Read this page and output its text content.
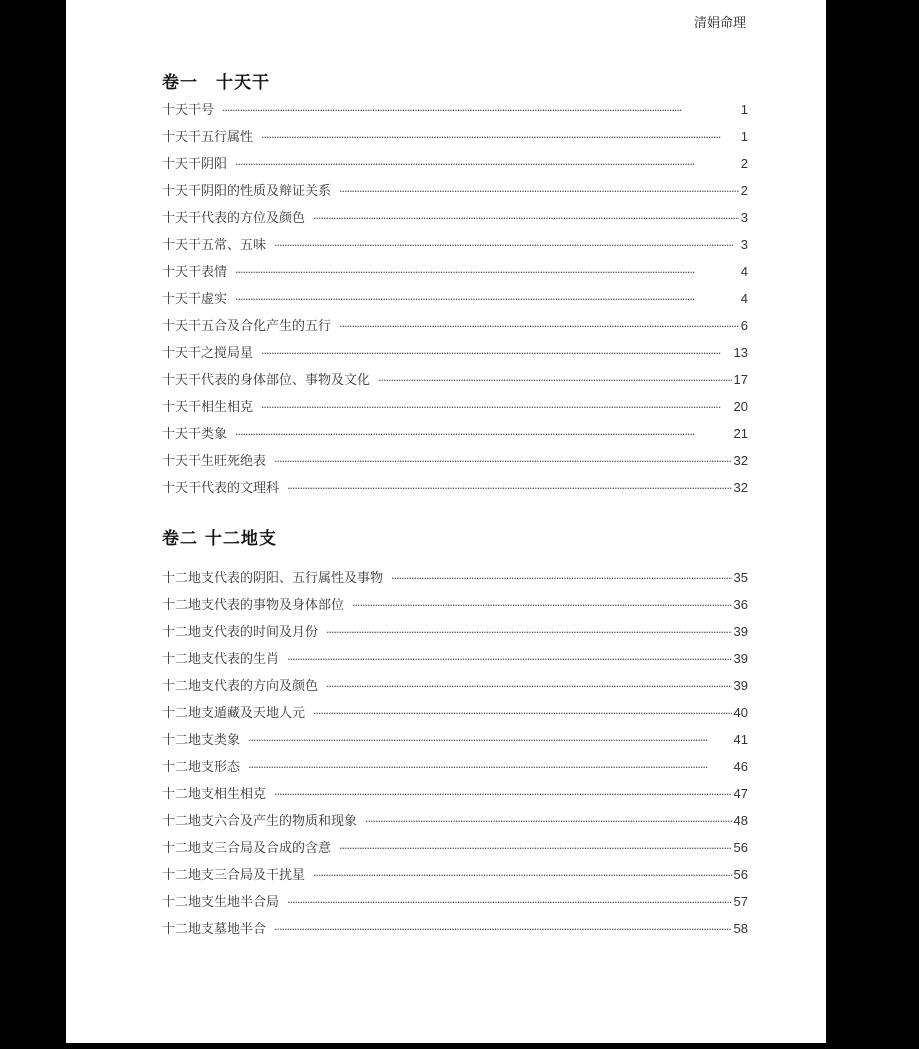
清娟命理
卷一　十天干
十天干号 ·····	1
十天干五行属性 ·····	1
十天干阴阳 ·····	2
十天干阴阳的性质及辩证关系 ·····	2
十天干代表的方位及颜色 ·····	3
十天干五常、五味 ·····	3
十天干表情 ·····	4
十天干虚实 ·····	4
十天干五合及合化产生的五行 ·····	6
十天干之搅局星 ·····	13
十天干代表的身体部位、事物及文化 ·····	17
十天干相生相克 ·····	20
十天干类象 ·····	21
十天干生旺死绝表 ·····	32
十天干代表的文理科 ·····	32
卷二 十二地支
十二地支代表的阴阳、五行属性及事物 ·····	35
十二地支代表的事物及身体部位 ·····	36
十二地支代表的时间及月份 ·····	39
十二地支代表的生肖 ·····	39
十二地支代表的方向及颜色 ·····	39
十二地支遁藏及天地人元 ·····	40
十二地支类象 ·····	41
十二地支形态 ·····	46
十二地支相生相克 ·····	47
十二地支六合及产生的物质和现象 ·····	48
十二地支三合局及合成的含意 ·····	56
十二地支三合局及干扰星 ·····	56
十二地支生地半合局 ·····	57
十二地支墓地半合 ·····	58
